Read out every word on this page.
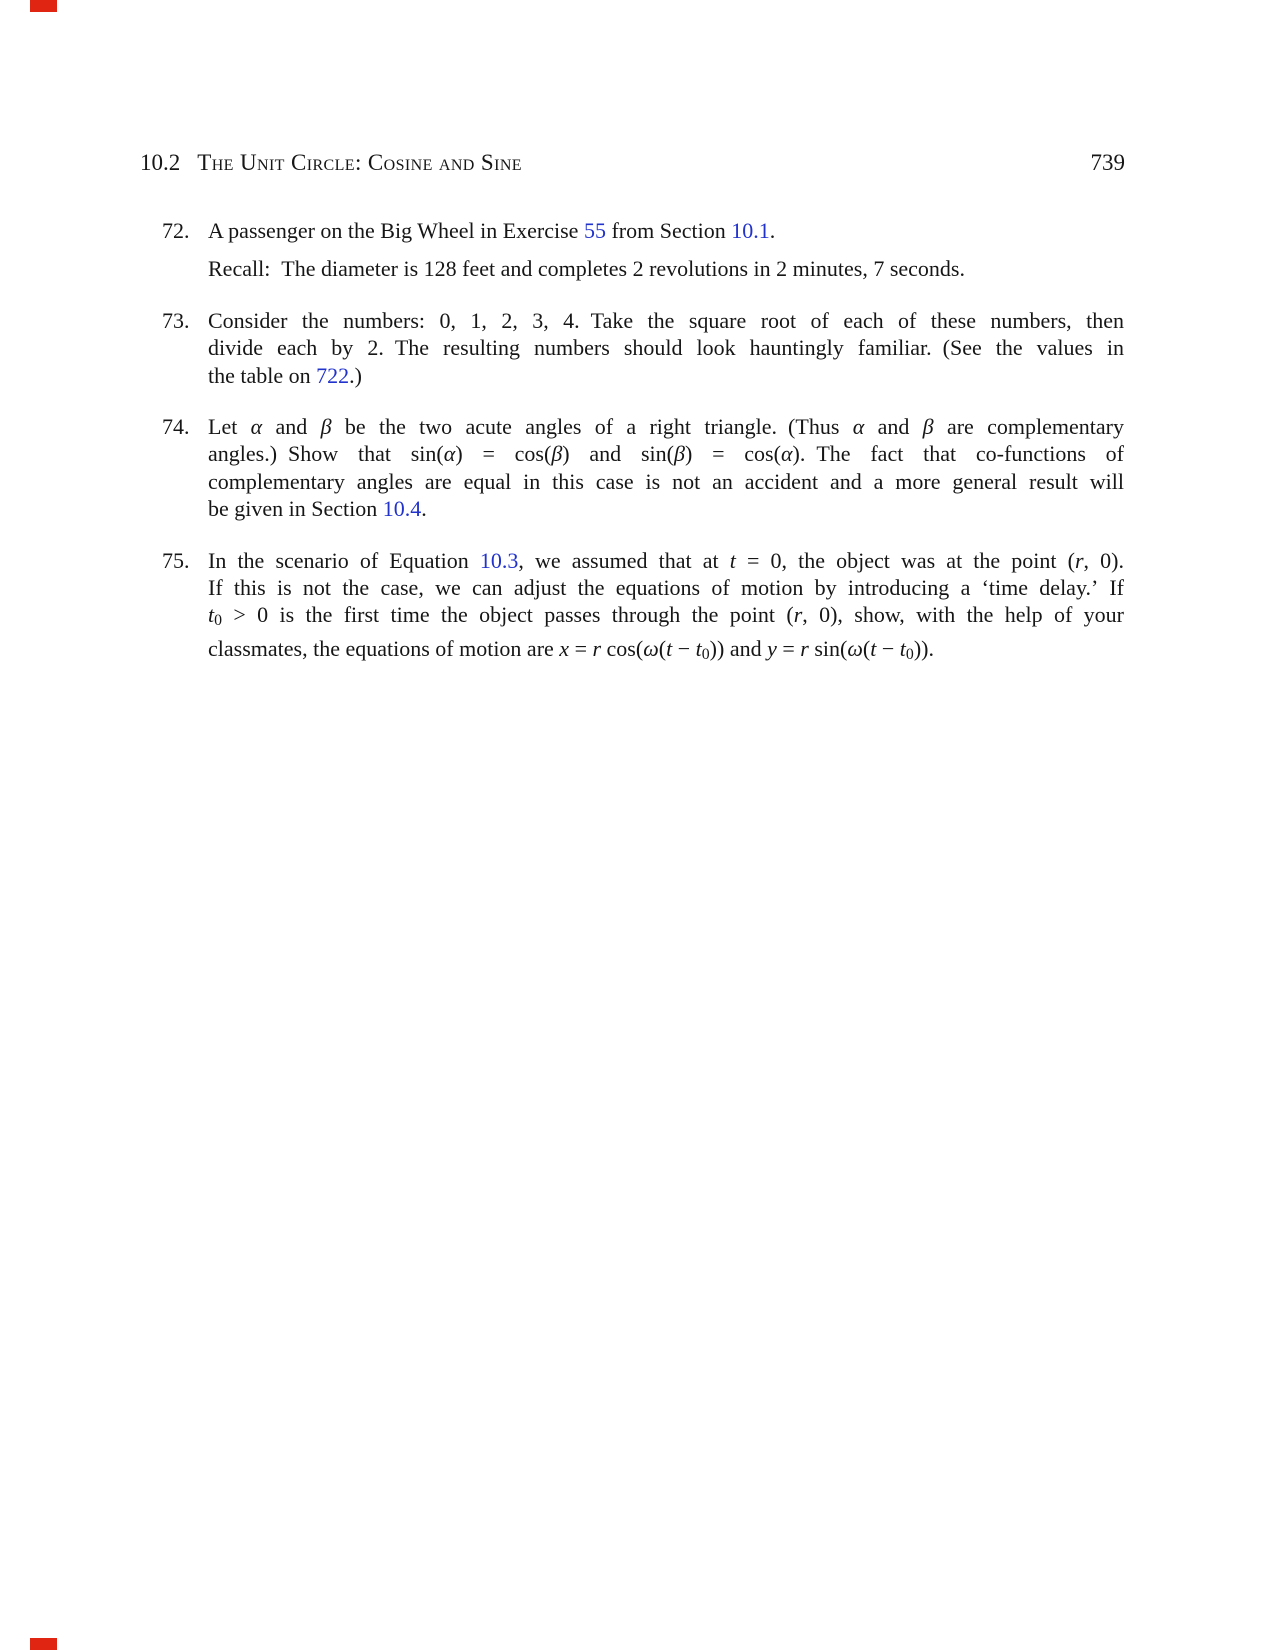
10.2 The Unit Circle: Cosine and Sine	739
72. A passenger on the Big Wheel in Exercise 55 from Section 10.1.
Recall: The diameter is 128 feet and completes 2 revolutions in 2 minutes, 7 seconds.
73. Consider the numbers: 0, 1, 2, 3, 4. Take the square root of each of these numbers, then
divide each by 2. The resulting numbers should look hauntingly familiar. (See the values in
the table on 722.)
74. Let α and β be the two acute angles of a right triangle. (Thus α and β are complementary
angles.) Show that sin(α) = cos(β) and sin(β) = cos(α). The fact that co-functions of
complementary angles are equal in this case is not an accident and a more general result will
be given in Section 10.4.
75. In the scenario of Equation 10.3, we assumed that at t = 0, the object was at the point (r, 0).
If this is not the case, we can adjust the equations of motion by introducing a ‘time delay.’ If
t0 > 0 is the first time the object passes through the point (r, 0), show, with the help of your
classmates, the equations of motion are x = r cos(ω(t − t0)) and y = r sin(ω(t − t0)).
